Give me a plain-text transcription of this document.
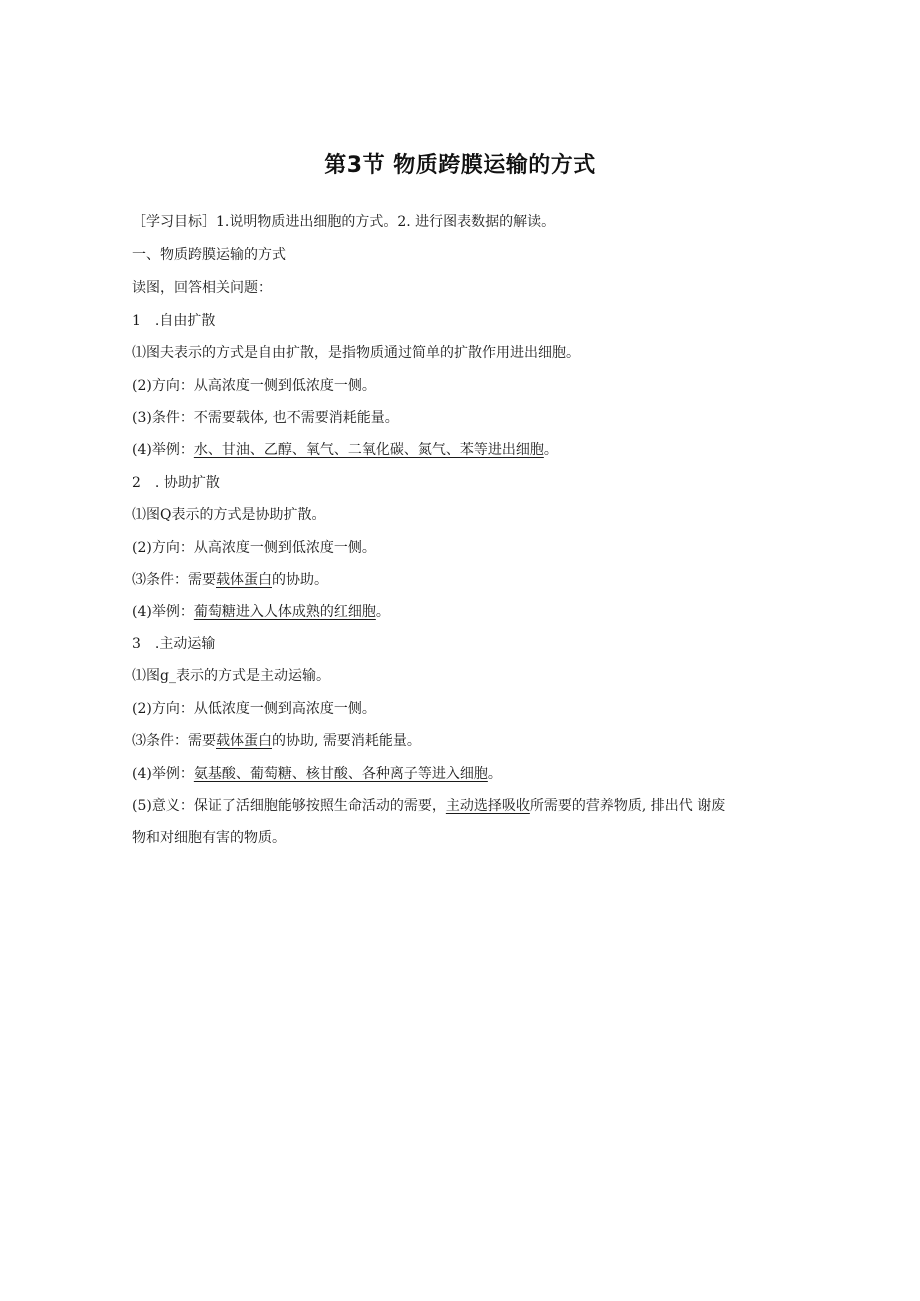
第3节 物质跨膜运输的方式
［学习目标］1.说明物质进出细胞的方式。2. 进行图表数据的解读。
一、物质跨膜运输的方式
读图，回答相关问题：
1 .自由扩散
⑴图夫表示的方式是自由扩散，是指物质通过简单的扩散作用进出细胞。
(2)方向：从高浓度一侧到低浓度一侧。
(3)条件：不需要载体, 也不需要消耗能量。
(4)举例：水、甘油、乙醇、氧气、二氧化碳、氮气、苯等进出细胞。
2 . 协助扩散
⑴图Q表示的方式是协助扩散。
(2)方向：从高浓度一侧到低浓度一侧。
⑶条件：需要载体蛋白的协助。
(4)举例：葡萄糖进入人体成熟的红细胞。
3 .主动运输
⑴图g_表示的方式是主动运输。
(2)方向：从低浓度一侧到高浓度一侧。
⑶条件：需要载体蛋白的协助, 需要消耗能量。
(4)举例：氨基酸、葡萄糖、核甘酸、各种离子等进入细胞。
(5)意义：保证了活细胞能够按照生命活动的需要，主动选择吸收所需要的营养物质, 排出代 谢废
物和对细胞有害的物质。
